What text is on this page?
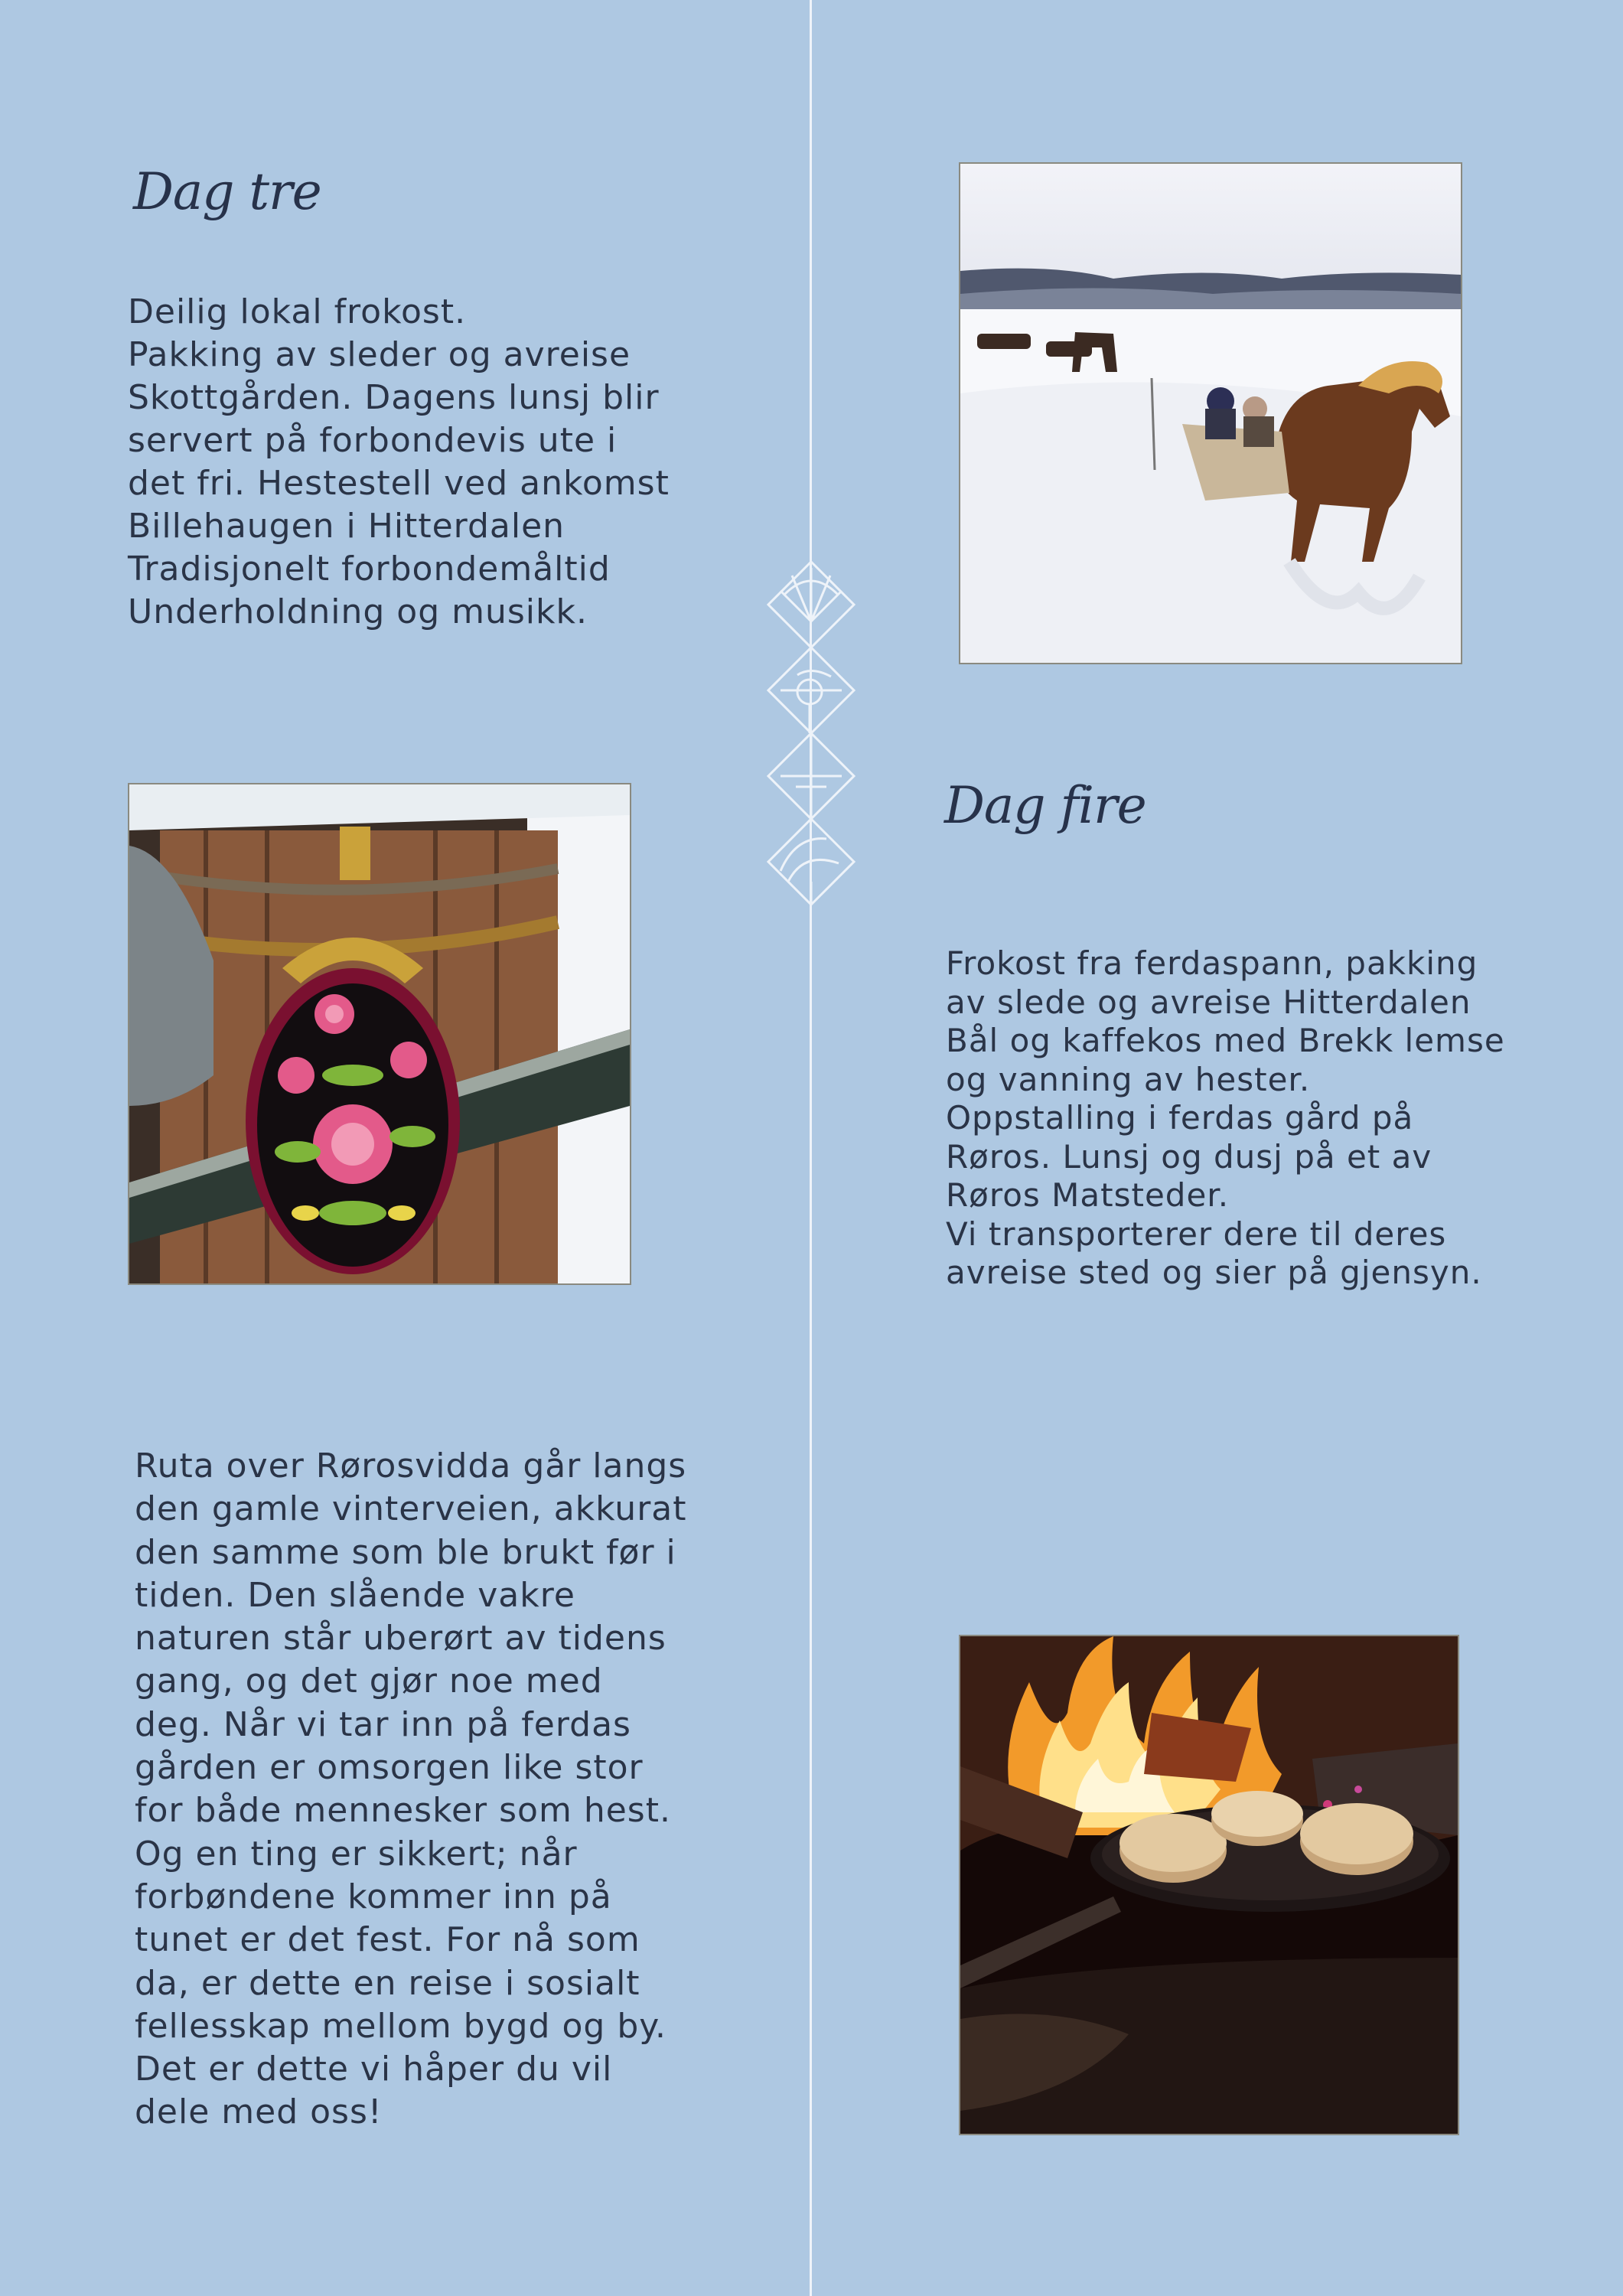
Dag tre
Deilig lokal frokost.
Pakking av sleder og avreise
Skottgården. Dagens lunsj blir
servert på forbondevis ute i
det fri. Hestestell ved ankomst
Billehaugen i Hitterdalen
Tradisjonelt forbondemåltid
Underholdning og musikk.
Dag fire
Frokost fra ferdaspann, pakking
av slede og avreise Hitterdalen
Bål og kaffekos med Brekk lemse
og vanning av hester.
Oppstalling i ferdas gård på
Røros. Lunsj og dusj på et av
Røros Matsteder.
Vi transporterer dere til deres
avreise sted og sier på gjensyn.
Ruta over Rørosvidda går langs
den gamle vinterveien, akkurat
den samme som ble brukt før i
tiden. Den slående vakre
naturen står uberørt av tidens
gang, og det gjør noe med
deg. Når vi tar inn på ferdas
gården er omsorgen like stor
for både mennesker som hest.
Og en ting er sikkert; når
forbøndene kommer inn på
tunet er det fest. For nå som
da, er dette en reise i sosialt
fellesskap mellom bygd og by.
Det er dette vi håper du vil
dele med oss!
